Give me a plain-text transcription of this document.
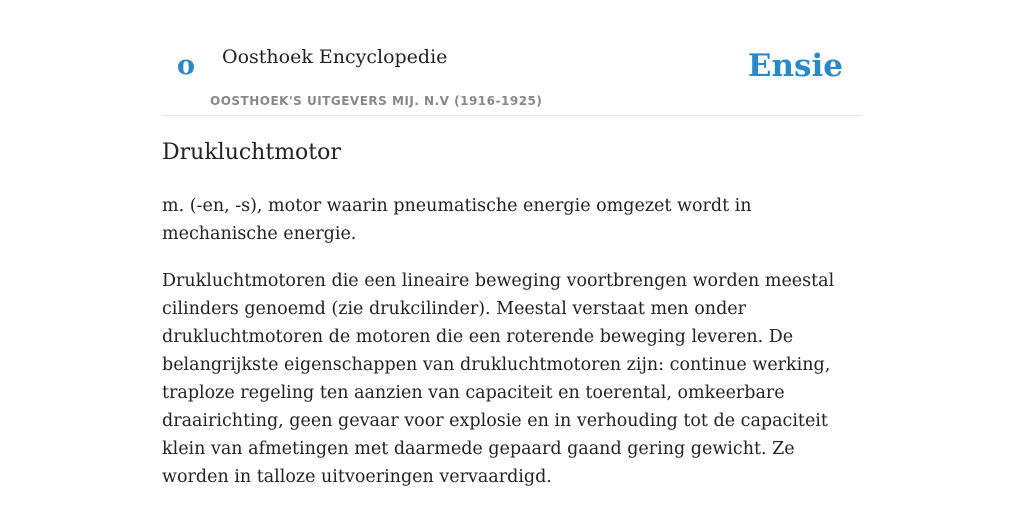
o Oosthoek Encyclopedie
OOSTHOEK'S UITGEVERS MIJ. N.V (1916-1925)
Ensie
Drukluchtmotor

m. (-en, -s), motor waarin pneumatische energie omgezet wordt in mechanische energie.

Drukluchtmotoren die een lineaire beweging voortbrengen worden meestal cilinders genoemd (zie drukcilinder). Meestal verstaat men onder drukluchtmotoren de motoren die een roterende beweging leveren. De belangrijkste eigenschappen van drukluchtmotoren zijn: continue werking, traploze regeling ten aanzien van capaciteit en toerental, omkeerbare draairichting, geen gevaar voor explosie en in verhouding tot de capaciteit klein van afmetingen met daarmede gepaard gaand gering gewicht. Ze worden in talloze uitvoeringen vervaardigd.
